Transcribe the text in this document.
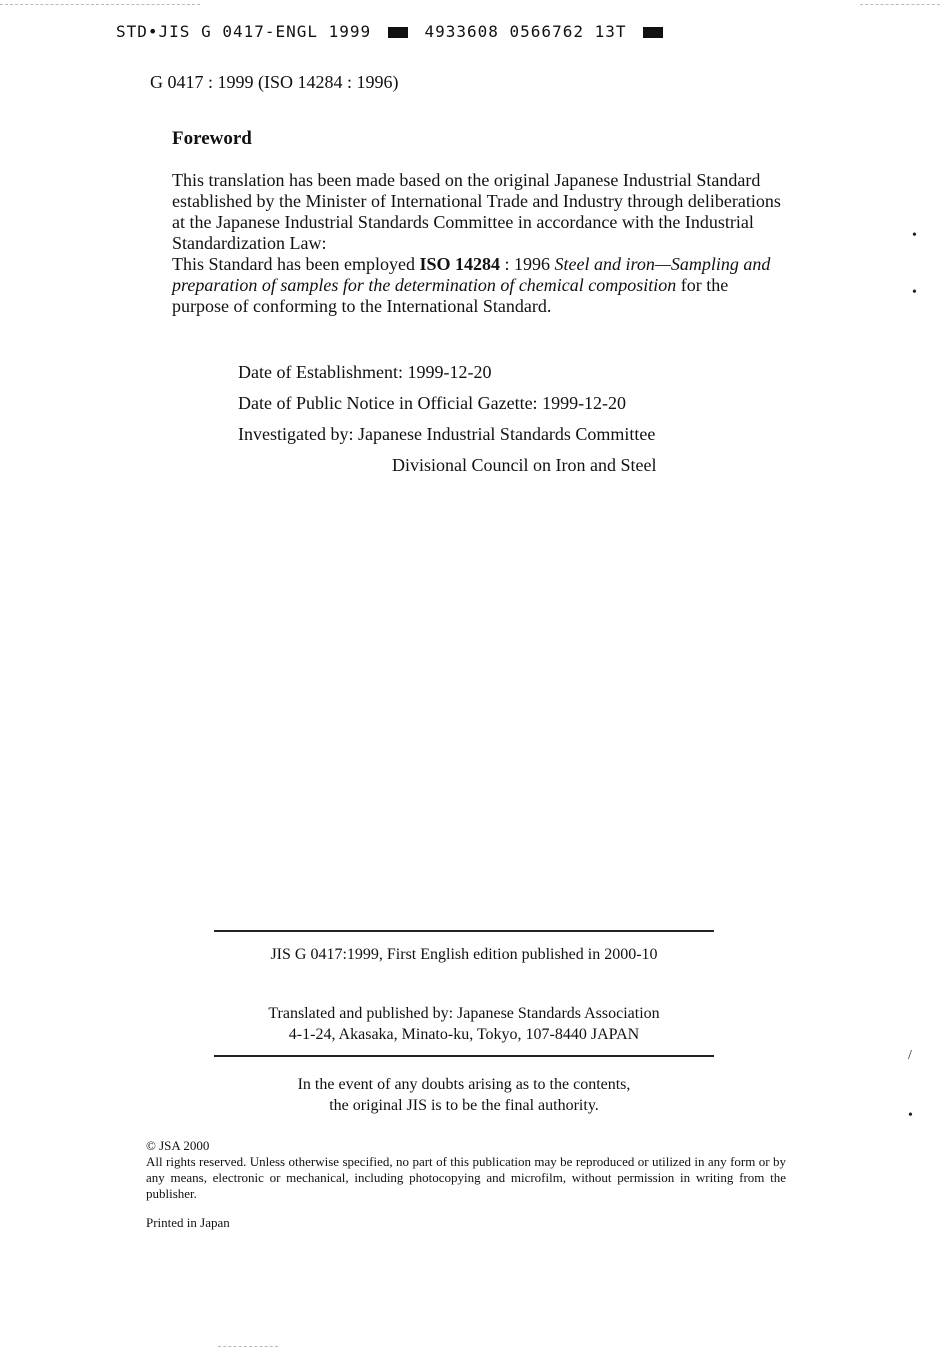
STD•JIS G 0417-ENGL 1999	4933608 0566762 13T
G 0417 : 1999 (ISO 14284 : 1996)
Foreword
This translation has been made based on the original Japanese Industrial Standard established by the Minister of International Trade and Industry through deliberations at the Japanese Industrial Standards Committee in accordance with the Industrial Standardization Law:
This Standard has been employed ISO 14284 : 1996 Steel and iron—Sampling and preparation of samples for the determination of chemical composition for the purpose of conforming to the International Standard.
•
•
Date of Establishment: 1999-12-20
Date of Public Notice in Official Gazette: 1999-12-20
Investigated by: Japanese Industrial Standards Committee
Divisional Council on Iron and Steel
JIS G 0417:1999, First English edition published in 2000-10
Translated and published by: Japanese Standards Association
4-1-24, Akasaka, Minato-ku, Tokyo, 107-8440 JAPAN
/
In the event of any doubts arising as to the contents,
the original JIS is to be the final authority.
•
© JSA 2000
All rights reserved. Unless otherwise specified, no part of this publication may be reproduced or utilized in any form or by any means, electronic or mechanical, including photocopying and microfilm, without permission in writing from the publisher.
Printed in Japan
